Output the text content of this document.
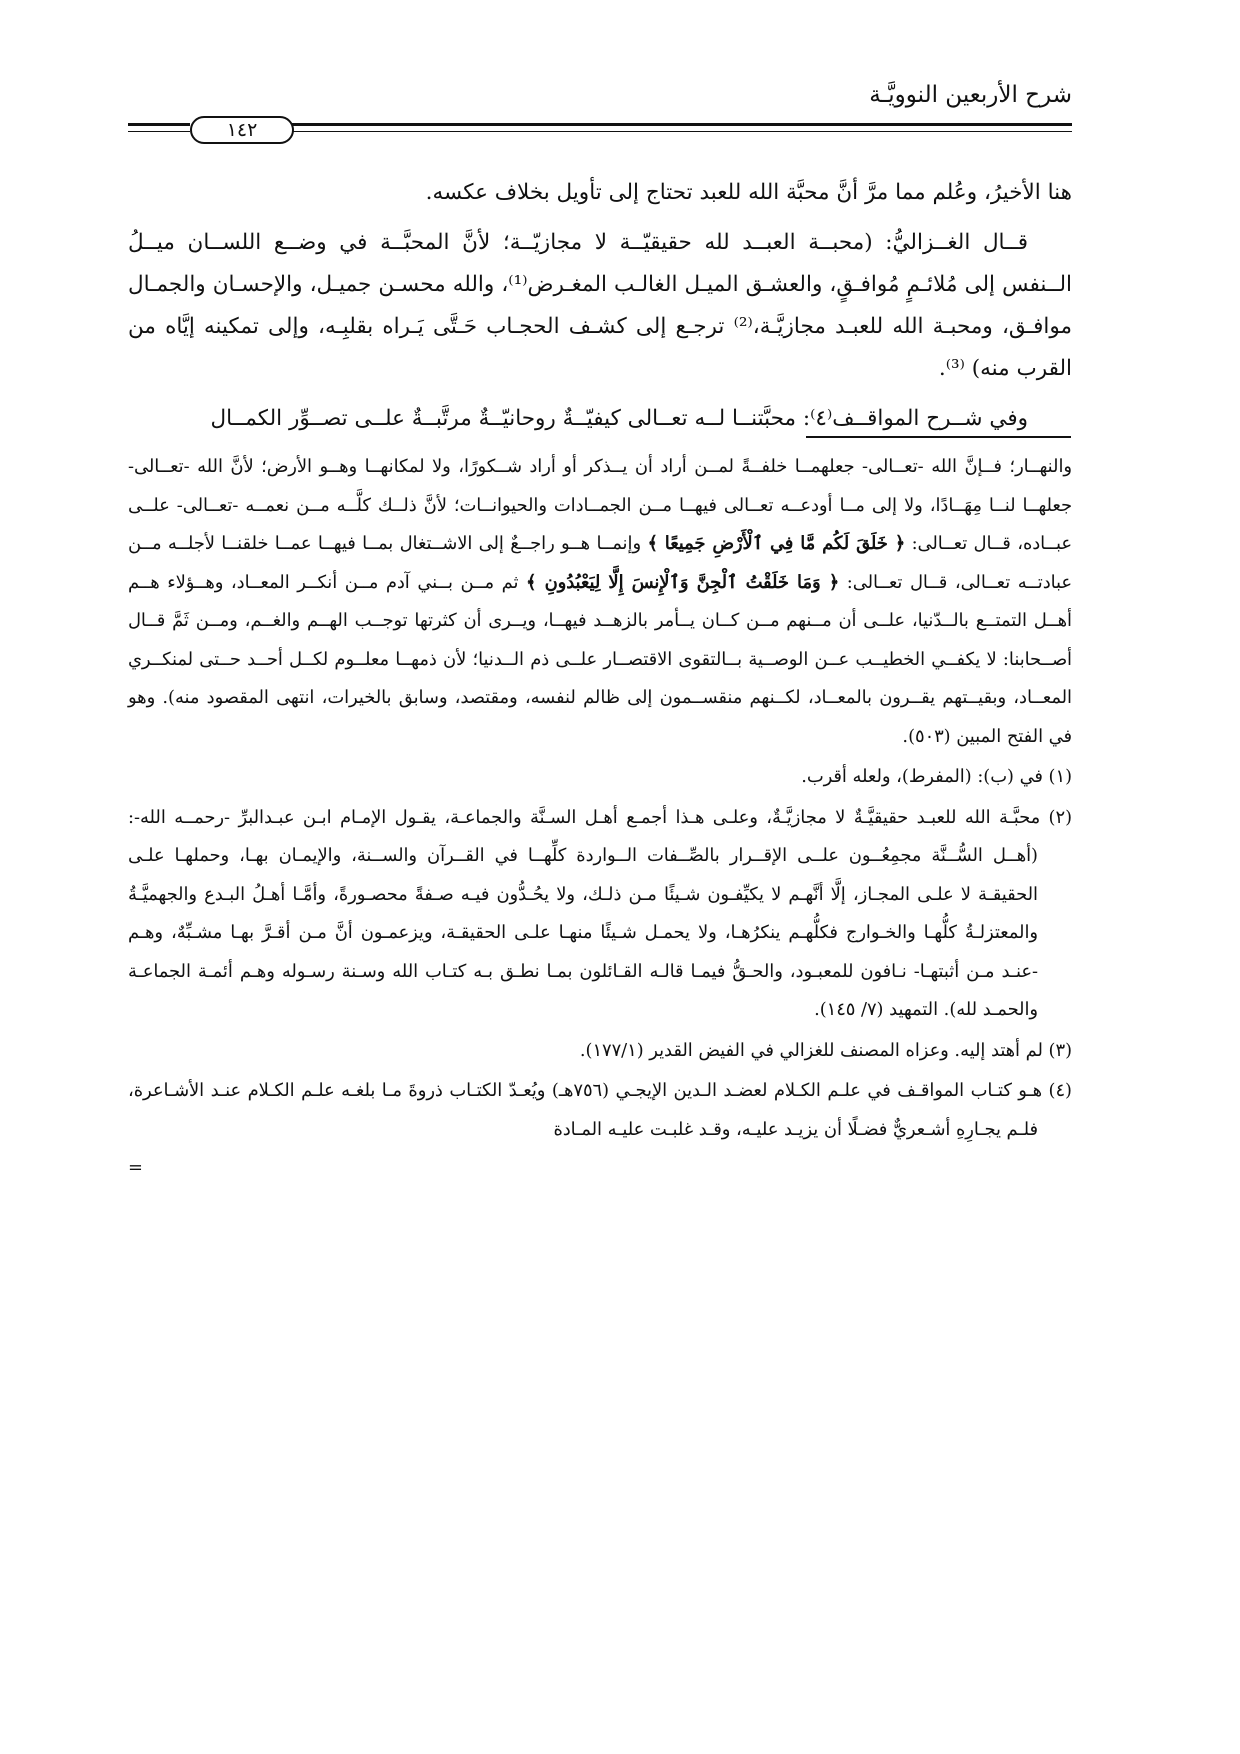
شرح الأربعين النوويَّـة
١٤٢

هنا الأخيرُ، وعُلم مما مرَّ أنَّ محبَّة الله للعبد تحتاج إلى تأويل بخلاف عكسه.

قــال الغــزاليُّ: (محبــة العبــد لله حقيقيّــة لا مجازيّــة؛ لأنَّ المحبَّــة في وضــع اللســان ميــلُ الــنفس إلى مُلائـمٍ مُوافـقٍ، والعشـق الميـل الغالـب المغـرض⁽¹⁾، والله محسـن جميـل، والإحسـان والجمـال موافـق، ومحبـة الله للعبـد مجازيَّـة،⁽²⁾ ترجـع إلى كشـف الحجـاب حَـتَّى يَـراه بقلبِـه، وإلى تمكينه إيَّاه من القرب منه) ⁽³⁾.

وفي شــرح المواقــف⁽٤⁾: محبَّتنــا لــه تعــالى كيفيّــةٌ روحانيّــةٌ مرتَّبــةٌ علــى تصــوِّر الكمــال

والنهــار؛ فــإنَّ الله -تعــالى- جعلهمــا خلفــةً لمــن أراد أن يــذكر أو أراد شــكورًا، ولا لمكانهــا وهــو الأرض؛ لأنَّ الله -تعــالى- جعلهــا لنــا مِهَــادًا، ولا إلى مــا أودعــه تعــالى فيهــا مــن الجمــادات والحيوانــات؛ لأنَّ ذلــك كلَّــه مــن نعمــه -تعــالى- علــى عبــاده، قــال تعــالى: ﴿ خَلَقَ لَكُم مَّا فِي ٱلْأَرْضِ جَمِيعًا ﴾ وإنمــا هــو راجــعٌ إلى الاشــتغال بمــا فيهــا عمــا خلقنــا لأجلــه مــن عبادتــه تعــالى، قــال تعــالى: ﴿ وَمَا خَلَقْتُ ٱلْجِنَّ وَٱلْإِنسَ إِلَّا لِيَعْبُدُونِ ﴾ ثم مــن بــني آدم مــن أنكــر المعــاد، وهــؤلاء هــم أهــل التمتــع بالــدّنيا، علــى أن مــنهم مــن كــان يــأمر بالزهــد فيهــا، ويــرى أن كثرتها توجــب الهــم والغــم، ومــن ثَمَّ قــال أصــحابنا: لا يكفــي الخطيــب عــن الوصــية بــالتقوى الاقتصــار علــى ذم الــدنيا؛ لأن ذمهــا معلــوم لكــل أحــد حــتى لمنكــري المعــاد، وبقيــتهم يقــرون بالمعــاد، لكــنهم منقســمون إلى ظالم لنفسه، ومقتصد، وسابق بالخيرات، انتهى المقصود منه). وهو في الفتح المبين (٥٠٣).

(١) في (ب): (المفرط)، ولعله أقرب.

(٢) محبَّـة الله للعبـد حقيقيَّـةٌ لا مجازيَّـةٌ، وعلـى هـذا أجمـع أهـل السـنَّة والجماعـة، يقـول الإمـام ابـن عبـدالبرِّ -رحمــه الله-: (أهــل السُّــنَّة مجمِعُــون علــى الإقــرار بالصِّــفات الــواردة كلِّهــا في القــرآن والســنة، والإيمـان بهـا، وحملهـا علـى الحقيقـة لا علـى المجـاز، إلَّا أنَّهـم لا يكيِّفـون شـيئًا مـن ذلـك، ولا يحُـدُّون فيـه صـفةً محصـورةً، وأمَّـا أهـلُ البـدع والجهميَّـةُ والمعتزلـةُ كلُّهـا والخـوارج فكلُّهـم ينكرُهـا، ولا يحمـل شـيئًا منهـا علـى الحقيقـة، ويزعمـون أنَّ مـن أقـرَّ بهـا مشـبِّهٌ، وهـم -عنـد مـن أثبتهـا- نـافون للمعبـود، والحـقُّ فيمـا قالـه القـائلون بمـا نطـق بـه كتـاب الله وسـنة رسـوله وهـم أئمـة الجماعـة والحمـد لله). التمهيد (٧/ ١٤٥).

(٣) لم أهتد إليه. وعزاه المصنف للغزالي في الفيض القدير (١٧٧/١).

(٤) هـو كتـاب المواقـف في علـم الكـلام لعضـد الـدين الإيجـي (٧٥٦هـ) ويُعـدّ الكتـاب ذروةَ مـا بلغـه علـم الكـلام عنـد الأشـاعرة، فلـم يجـارِهِ أشـعريٌّ فضـلًا أن يزيـد عليـه، وقـد غلبـت عليـه المـادة

=
